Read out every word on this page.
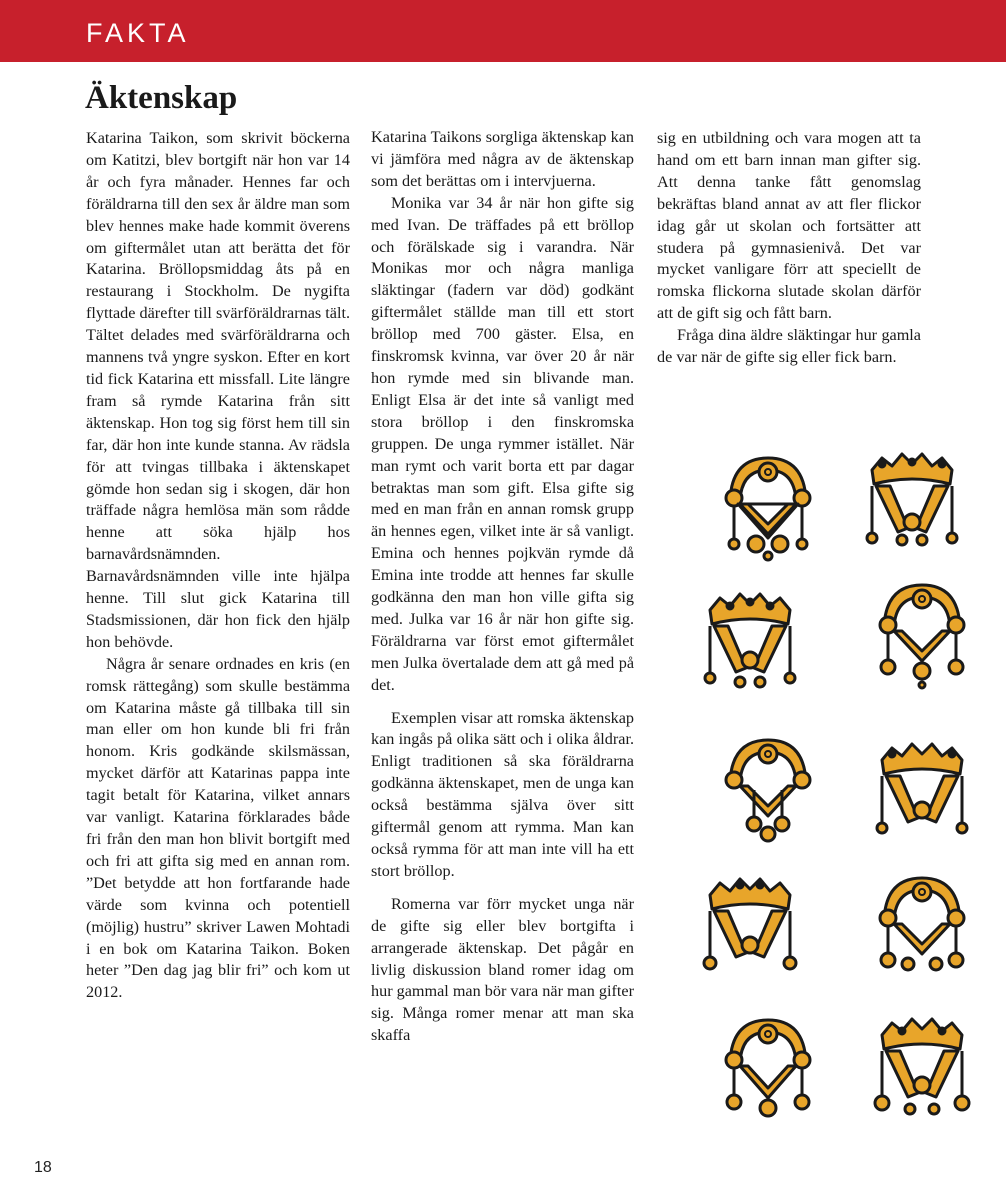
FAKTA
Äktenskap

Katarina Taikon, som skrivit böckerna om Katitzi, blev bortgift när hon var 14 år och fyra månader. Hennes far och föräldrarna till den sex år äldre man som blev hennes make hade kommit överens om giftermålet utan att berätta det för Katarina. Bröllopsmiddag åts på en restaurang i Stockholm. De nygifta flyttade därefter till svärföräldrarnas tält. Tältet delades med svärföräldrarna och mannens två yngre syskon. Efter en kort tid fick Katarina ett missfall. Lite längre fram så rymde Katarina från sitt äktenskap. Hon tog sig först hem till sin far, där hon inte kunde stanna. Av rädsla för att tvingas tillbaka i äktenskapet gömde hon sedan sig i skogen, där hon träffade några hemlösa män som rådde henne att söka hjälp hos barnavårdsnämnden. Barnavårdsnämnden ville inte hjälpa henne. Till slut gick Katarina till Stadsmissionen, där hon fick den hjälp hon behövde.

Några år senare ordnades en kris (en romsk rättegång) som skulle bestämma om Katarina måste gå tillbaka till sin man eller om hon kunde bli fri från honom. Kris godkände skilsmässan, mycket därför att Katarinas pappa inte tagit betalt för Katarina, vilket annars var vanligt. Katarina förklarades både fri från den man hon blivit bortgift med och fri att gifta sig med en annan rom. ”Det betydde att hon fortfarande hade värde som kvinna och potentiell (möjlig) hustru” skriver Lawen Mohtadi i en bok om Katarina Taikon. Boken heter ”Den dag jag blir fri” och kom ut 2012.

Katarina Taikons sorgliga äktenskap kan vi jämföra med några av de äktenskap som det berättas om i intervjuerna.

Monika var 34 år när hon gifte sig med Ivan. De träffades på ett bröllop och förälskade sig i varandra. När Monikas mor och några manliga släktingar (fadern var död) godkänt giftermålet ställde man till ett stort bröllop med 700 gäster. Elsa, en finskromsk kvinna, var över 20 år när hon rymde med sin blivande man. Enligt Elsa är det inte så vanligt med stora bröllop i den finskromska gruppen. De unga rymmer istället. När man rymt och varit borta ett par dagar betraktas man som gift. Elsa gifte sig med en man från en annan romsk grupp än hennes egen, vilket inte är så vanligt. Emina och hennes pojkvän rymde då Emina inte trodde att hennes far skulle godkänna den man hon ville gifta sig med. Julka var 16 år när hon gifte sig. Föräldrarna var först emot giftermålet men Julka övertalade dem att gå med på det.

Exemplen visar att romska äktenskap kan ingås på olika sätt och i olika åldrar. Enligt traditionen så ska föräldrarna godkänna äktenskapet, men de unga kan också bestämma själva över sitt giftermål genom att rymma. Man kan också rymma för att man inte vill ha ett stort bröllop.

Romerna var förr mycket unga när de gifte sig eller blev bortgifta i arrangerade äktenskap. Det pågår en livlig diskussion bland romer idag om hur gammal man bör vara när man gifter sig. Många romer menar att man ska skaffa

sig en utbildning och vara mogen att ta hand om ett barn innan man gifter sig. Att denna tanke fått genomslag bekräftas bland annat av att fler flickor idag går ut skolan och fortsätter att studera på gymnasienivå. Det var mycket vanligare förr att speciellt de romska flickorna slutade skolan därför att de gift sig och fått barn.

Fråga dina äldre släktingar hur gamla de var när de gifte sig eller fick barn.

18
